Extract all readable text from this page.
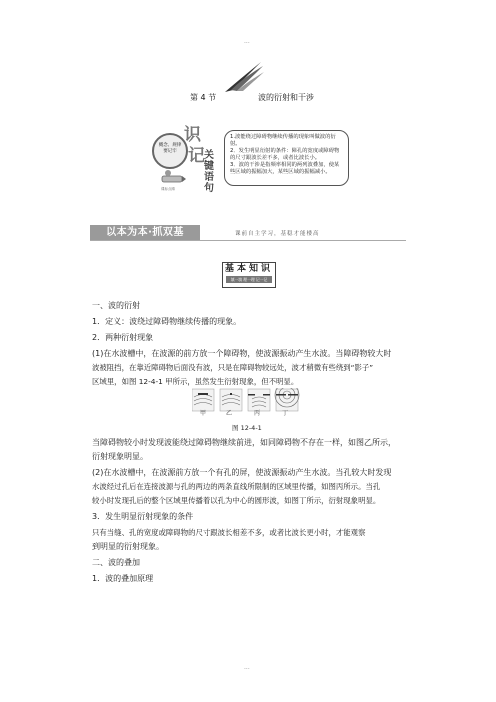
...
第 4 节	波的衍射和干涉
概念、规律
要记牢
课标点睛
识
记 关
键
语
句

1.波能绕过障碍物继续传播的现象叫做波的衍射。

2．发生明显衍射的条件：障孔的宽度或障碍物的尺寸跟波长差不多，或者比波长小。

3．波的干涉是指频率相同的两列波叠加，使某些区域的振幅加大，某些区域的振幅减小。

以本为本·抓双基	课前自主学习，基稳才能楼高
基本知识
填一填 理一理 记一记
一、波的衍射
1．定义：波绕过障碍物继续传播的现象。
2．两种衍射现象
(1)在水波槽中，在波源的前方放一个障碍物，使波源振动产生水波。当障碍物较大时
波被阻挡，在靠近障碍物后面没有波，只是在障碍物较远处，波才稍微有些绕到“影子”
甲	乙	丙	丁
图 12-4-1
当障碍物较小时发现波能绕过障碍物继续前进，如同障碍物不存在一样，如图乙所示，
衍射现象明显。
(2)在水波槽中，在波源前方放一个有孔的屏，使波源振动产生水波。当孔较大时发现
水波经过孔后在连接波源与孔的两边的两条直线所限制的区域里传播，如图丙所示。当孔
较小时发现孔后的整个区域里传播着以孔为中心的圆形波，如图丁所示，衍射现象明显。
3．发生明显衍射现象的条件
只有当缝、孔的宽度或障碍物的尺寸跟波长相差不多，或者比波长更小时，才能观察
到明显的衍射现象。
二、波的叠加
1．波的叠加原理
...
区域里，如图 12-4-1 甲所示，虽然发生衍射现象，但不明显。
